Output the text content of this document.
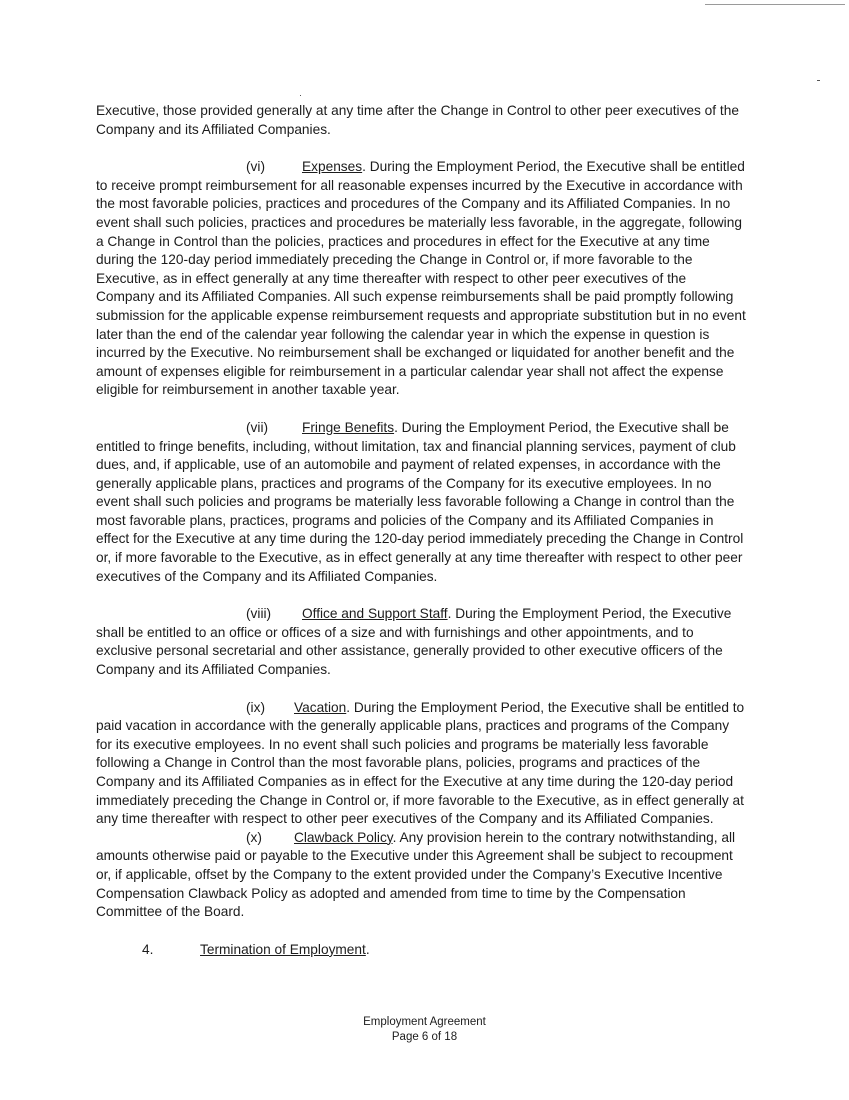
Executive, those provided generally at any time after the Change in Control to other peer executives of the Company and its Affiliated Companies.

(vi)	Expenses. During the Employment Period, the Executive shall be entitled to receive prompt reimbursement for all reasonable expenses incurred by the Executive in accordance with the most favorable policies, practices and procedures of the Company and its Affiliated Companies. In no event shall such policies, practices and procedures be materially less favorable, in the aggregate, following a Change in Control than the policies, practices and procedures in effect for the Executive at any time during the 120-day period immediately preceding the Change in Control or, if more favorable to the Executive, as in effect generally at any time thereafter with respect to other peer executives of the Company and its Affiliated Companies. All such expense reimbursements shall be paid promptly following submission for the applicable expense reimbursement requests and appropriate substitution but in no event later than the end of the calendar year following the calendar year in which the expense in question is incurred by the Executive. No reimbursement shall be exchanged or liquidated for another benefit and the amount of expenses eligible for reimbursement in a particular calendar year shall not affect the expense eligible for reimbursement in another taxable year.

(vii) Fringe Benefits. During the Employment Period, the Executive shall be entitled to fringe benefits, including, without limitation, tax and financial planning services, payment of club dues, and, if applicable, use of an automobile and payment of related expenses, in accordance with the generally applicable plans, practices and programs of the Company for its executive employees. In no event shall such policies and programs be materially less favorable following a Change in control than the most favorable plans, practices, programs and policies of the Company and its Affiliated Companies in effect for the Executive at any time during the 120-day period immediately preceding the Change in Control or, if more favorable to the Executive, as in effect generally at any time thereafter with respect to other peer executives of the Company and its Affiliated Companies.

(viii) Office and Support Staff. During the Employment Period, the Executive shall be entitled to an office or offices of a size and with furnishings and other appointments, and to exclusive personal secretarial and other assistance, generally provided to other executive officers of the Company and its Affiliated Companies.

(ix) Vacation. During the Employment Period, the Executive shall be entitled to paid vacation in accordance with the generally applicable plans, practices and programs of the Company for its executive employees. In no event shall such policies and programs be materially less favorable following a Change in Control than the most favorable plans, policies, programs and practices of the Company and its Affiliated Companies as in effect for the Executive at any time during the 120-day period immediately preceding the Change in Control or, if more favorable to the Executive, as in effect generally at any time thereafter with respect to other peer executives of the Company and its Affiliated Companies.

(x) Clawback Policy. Any provision herein to the contrary notwithstanding, all amounts otherwise paid or payable to the Executive under this Agreement shall be subject to recoupment or, if applicable, offset by the Company to the extent provided under the Company’s Executive Incentive Compensation Clawback Policy as adopted and amended from time to time by the Compensation Committee of the Board.

4.	Termination of Employment.
Employment Agreement
Page 6 of 18
